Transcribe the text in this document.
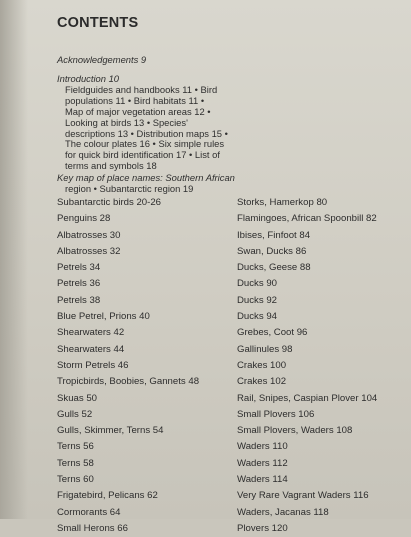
CONTENTS
Acknowledgements 9
Introduction 10
Fieldguides and handbooks 11 • Bird
populations 11 • Bird habitats 11 •
Map of major vegetation areas 12 •
Looking at birds 13 • Species'
descriptions 13 • Distribution maps 15 •
The colour plates 16 • Six simple rules
for quick bird identification 17 • List of
terms and symbols 18
Key map of place names: Southern African
region • Subantarctic region 19
Subantarctic birds 20-26
Penguins 28
Albatrosses 30
Albatrosses 32
Petrels 34
Petrels 36
Petrels 38
Blue Petrel, Prions 40
Shearwaters 42
Shearwaters 44
Storm Petrels 46
Tropicbirds, Boobies, Gannets 48
Skuas 50
Gulls 52
Gulls, Skimmer, Terns 54
Terns 56
Terns 58
Terns 60
Frigatebird, Pelicans 62
Cormorants 64
Small Herons 66
Storks, Hamerkop 80
Flamingoes, African Spoonbill 82
Ibises, Finfoot 84
Swan, Ducks 86
Ducks, Geese 88
Ducks 90
Ducks 92
Ducks 94
Grebes, Coot 96
Gallinules 98
Crakes 100
Crakes 102
Rail, Snipes, Caspian Plover 104
Small Plovers 106
Small Plovers, Waders 108
Waders 110
Waders 112
Waders 114
Very Rare Vagrant Waders 116
Waders, Jacanas 118
Plovers 120
